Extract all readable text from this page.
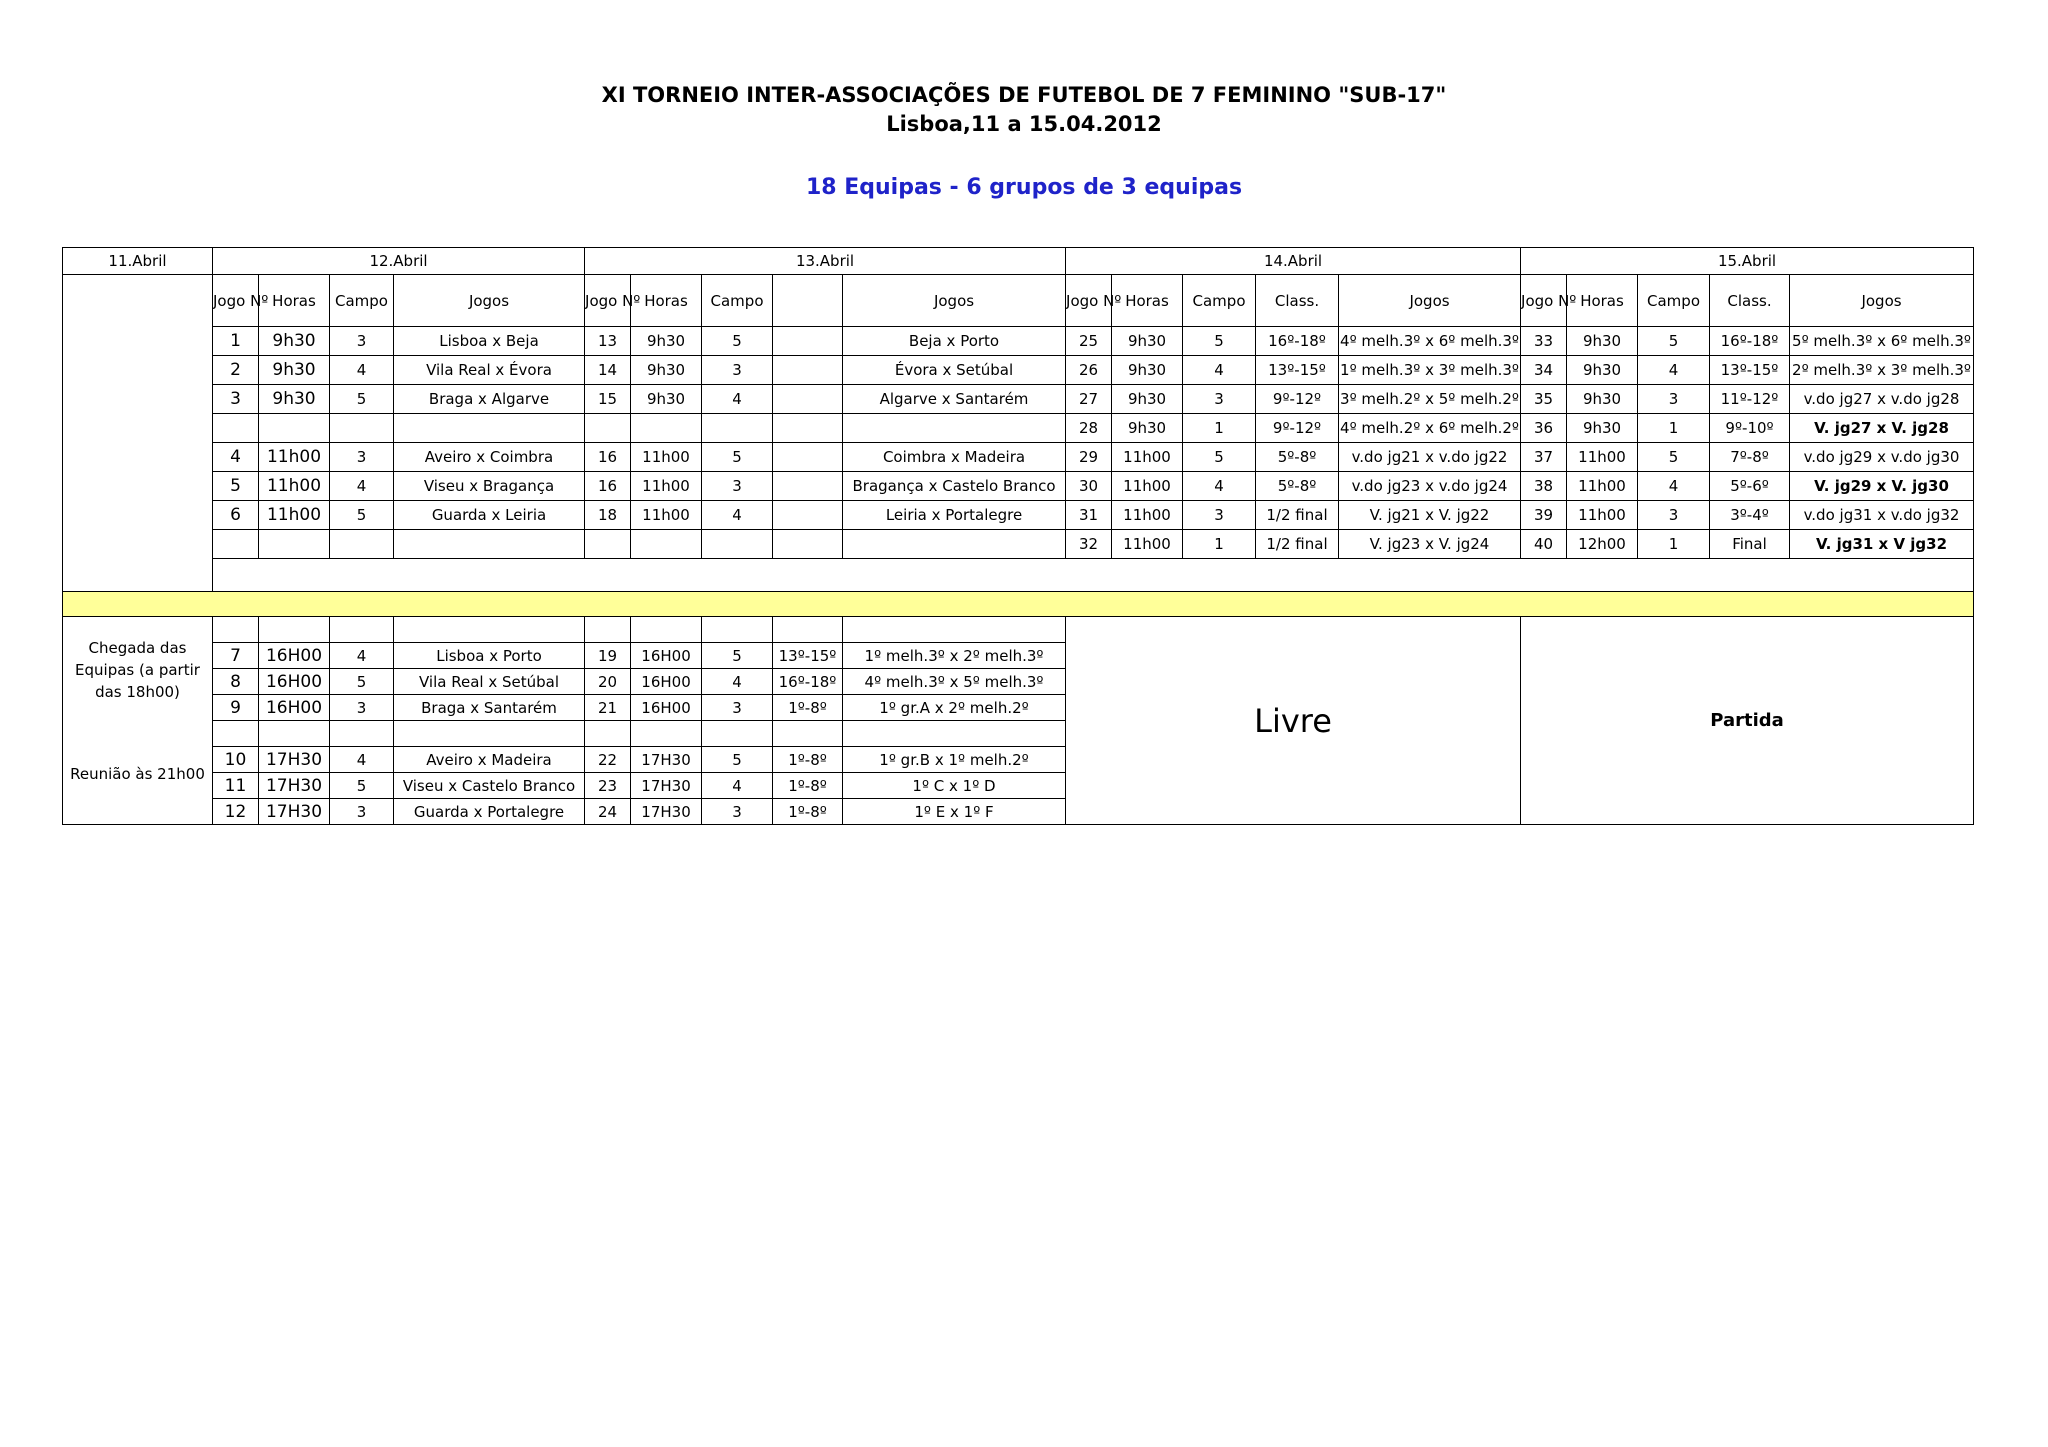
XI TORNEIO INTER-ASSOCIAÇÕES DE FUTEBOL DE 7 FEMININO "SUB-17"
Lisboa,11 a 15.04.2012
18 Equipas - 6 grupos de 3 equipas
11.Abril	12.Abril				13.Abril					14.Abril					15.Abril				
	Jogo Nº	Horas	Campo	Jogos	Jogo Nº	Horas	Campo		Jogos	Jogo Nº	Horas	Campo	Class.	Jogos	Jogo Nº	Horas	Campo	Class.	Jogos
	1	9h30	3	Lisboa x Beja	13	9h30	5		Beja x Porto	25	9h30	5	16º-18º	4º melh.3º x 6º melh.3º	33	9h30	5	16º-18º	5º melh.3º x 6º melh.3º
	2	9h30	4	Vila Real x Évora	14	9h30	3		Évora x Setúbal	26	9h30	4	13º-15º	1º melh.3º x 3º melh.3º	34	9h30	4	13º-15º	2º melh.3º x 3º melh.3º
	3	9h30	5	Braga x Algarve	15	9h30	4		Algarve x Santarém	27	9h30	3	9º-12º	3º melh.2º x 5º melh.2º	35	9h30	3	11º-12º	v.do jg27 x v.do jg28
										28	9h30	1	9º-12º	4º melh.2º x 6º melh.2º	36	9h30	1	9º-10º	V. jg27 x V. jg28
	4	11h00	3	Aveiro x Coimbra	16	11h00	5		Coimbra x Madeira	29	11h00	5	5º-8º	v.do jg21 x v.do jg22	37	11h00	5	7º-8º	v.do jg29 x v.do jg30
	5	11h00	4	Viseu x Bragança	16	11h00	3		Bragança x Castelo Branco	30	11h00	4	5º-8º	v.do jg23 x v.do jg24	38	11h00	4	5º-6º	V. jg29 x V. jg30
	6	11h00	5	Guarda x Leiria	18	11h00	4		Leiria x Portalegre	31	11h00	3	1/2 final	V. jg21 x V. jg22	39	11h00	3	3º-4º	v.do jg31 x v.do jg32
										32	11h00	1	1/2 final	V. jg23 x V. jg24	40	12h00	1	Final	V. jg31 x V jg32

Chegada das Equipas (a partir das 18h00)
Reunião às 21h00										Livre					Partida				
	7	16H00	4	Lisboa x Porto	19	16H00	5	13º-15º	1º melh.3º x 2º melh.3º										
	8	16H00	5	Vila Real x Setúbal	20	16H00	4	16º-18º	4º melh.3º x 5º melh.3º										
	9	16H00	3	Braga x Santarém	21	16H00	3	1º-8º	1º gr.A x 2º melh.2º										

	10	17H30	4	Aveiro x Madeira	22	17H30	5	1º-8º	1º gr.B x 1º melh.2º										
	11	17H30	5	Viseu x Castelo Branco	23	17H30	4	1º-8º	1º C x 1º D										
	12	17H30	3	Guarda x Portalegre	24	17H30	3	1º-8º	1º E x 1º F										
